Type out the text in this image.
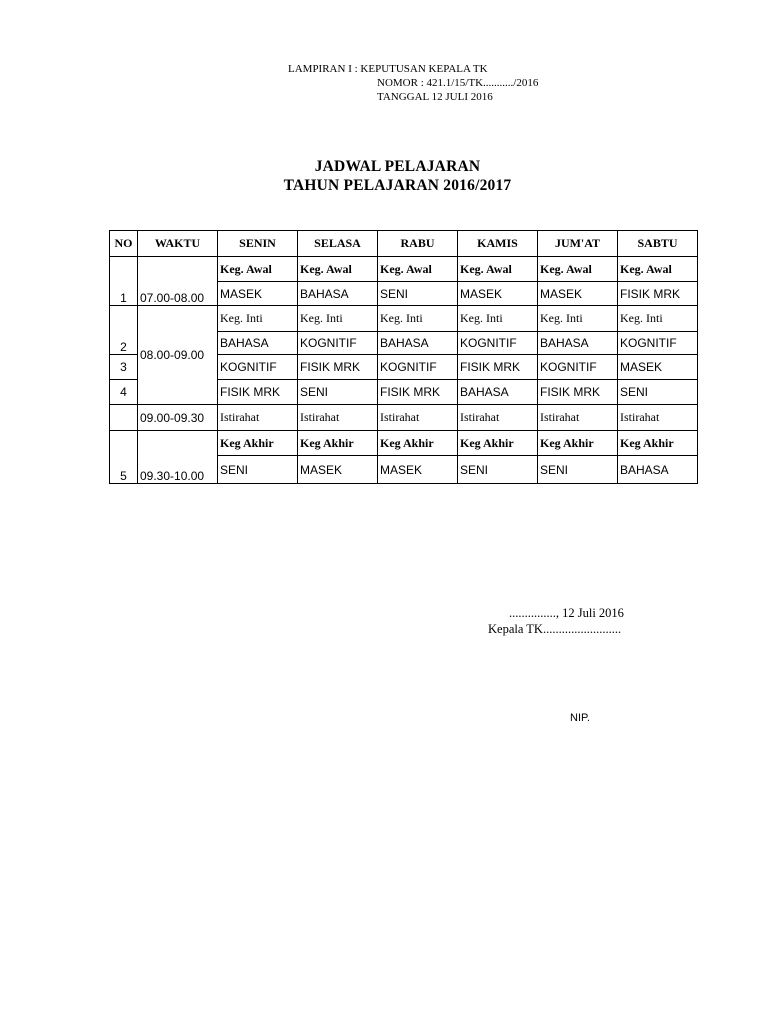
LAMPIRAN I : KEPUTUSAN KEPALA TK
NOMOR : 421.1/15/TK.........../2016
TANGGAL 12 JULI 2016
JADWAL PELAJARAN
TAHUN PELAJARAN 2016/2017
NO	WAKTU	SENIN	SELASA	RABU	KAMIS	JUM'AT	SABTU
1	07.00-08.00	Keg. Awal	Keg. Awal	Keg. Awal	Keg. Awal	Keg. Awal	Keg. Awal
		MASEK	BAHASA	SENI	MASEK	MASEK	FISIK MRK
2	08.00-09.00	Keg. Inti	Keg. Inti	Keg. Inti	Keg. Inti	Keg. Inti	Keg. Inti
		BAHASA	KOGNITIF	BAHASA	KOGNITIF	BAHASA	KOGNITIF
3		KOGNITIF	FISIK MRK	KOGNITIF	FISIK MRK	KOGNITIF	MASEK
4		FISIK MRK	SENI	FISIK MRK	BAHASA	FISIK MRK	SENI
	09.00-09.30	Istirahat	Istirahat	Istirahat	Istirahat	Istirahat	Istirahat
5	09.30-10.00	Keg Akhir	Keg Akhir	Keg Akhir	Keg Akhir	Keg Akhir	Keg Akhir
		SENI	MASEK	MASEK	SENI	SENI	BAHASA
..............., 12 Juli 2016
Kepala TK.........................
NIP.
